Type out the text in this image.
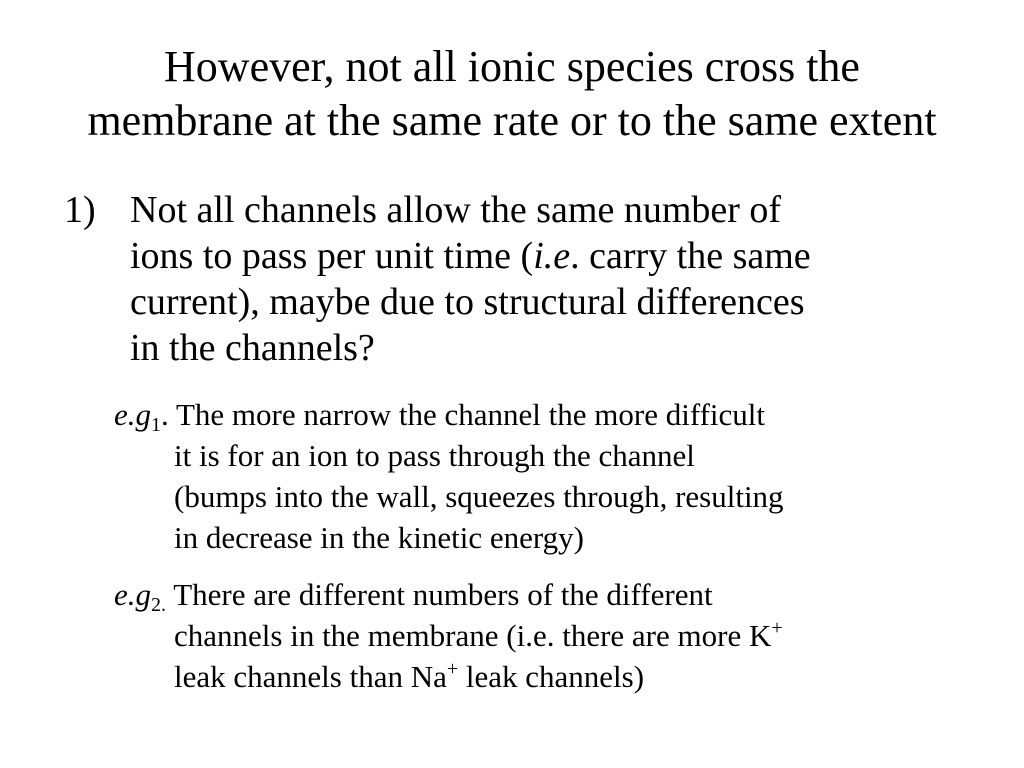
However, not all ionic species cross the
membrane at the same rate or to the same extent
1) Not all channels allow the same number of
ions to pass per unit time (i.e. carry the same
current), maybe due to structural differences
in the channels?
$e.g_1$. The more narrow the channel the more difficult
it is for an ion to pass through the channel
(bumps into the wall, squeezes through, resulting
in decrease in the kinetic energy)
$e.g_{2.}$ There are different numbers of the different
channels in the membrane (i.e. there are more K+
leak channels than Na+ leak channels)
